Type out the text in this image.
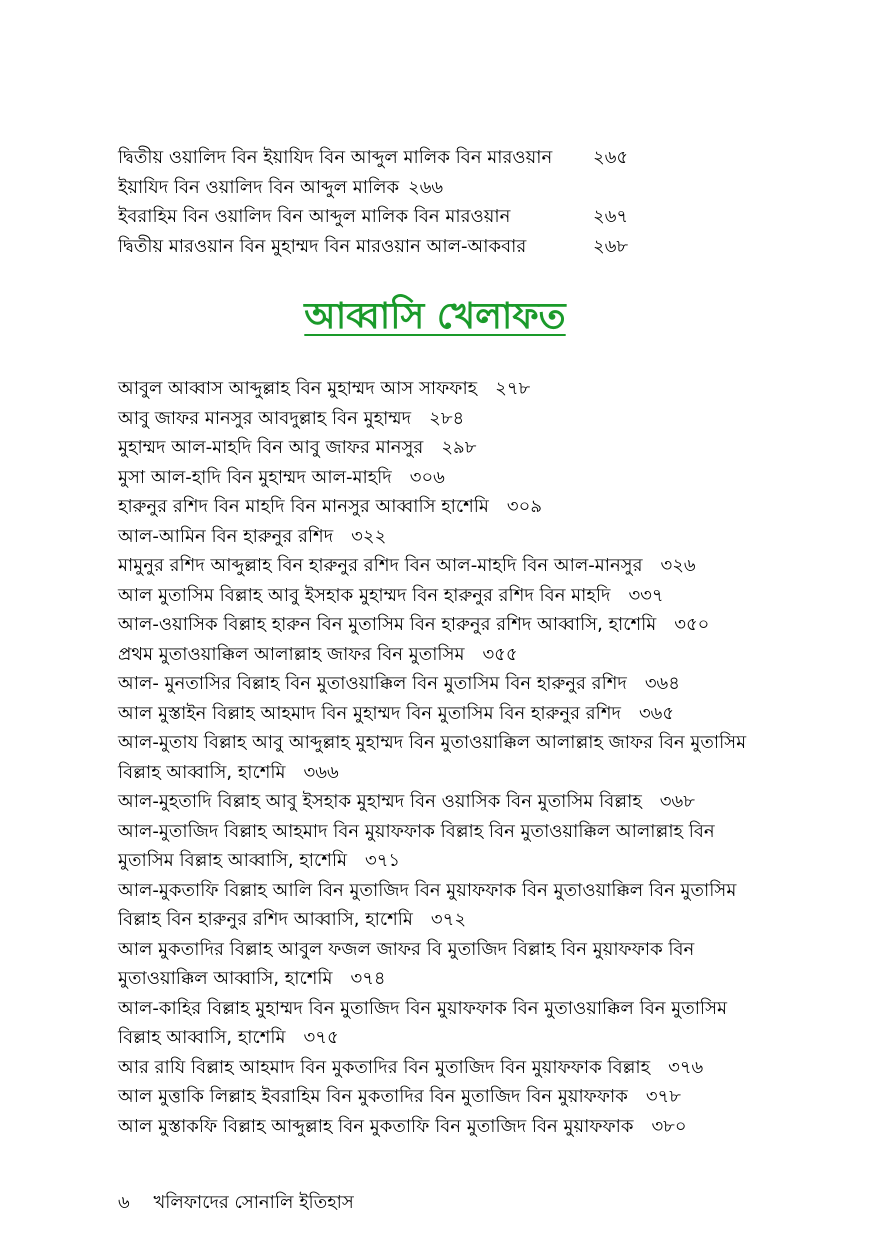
দ্বিতীয় ওয়ালিদ বিন ইয়াযিদ বিন আব্দুল মালিক বিন মারওয়ান ২৬৫
ইয়াযিদ বিন ওয়ালিদ বিন আব্দুল মালিক ২৬৬
ইবরাহিম বিন ওয়ালিদ বিন আব্দুল মালিক বিন মারওয়ান	২৬৭
দ্বিতীয় মারওয়ান বিন মুহাম্মদ বিন মারওয়ান আল-আকবার	২৬৮
আব্বাসি খেলাফত
আবুল আব্বাস আব্দুল্লাহ বিন মুহাম্মদ আস সাফফাহ ২৭৮
আবু জাফর মানসুর আবদুল্লাহ বিন মুহাম্মদ ২৮৪
মুহাম্মদ আল-মাহদি বিন আবু জাফর মানসুর ২৯৮
মুসা আল-হাদি বিন মুহাম্মদ আল-মাহদি ৩০৬
হারুনুর রশিদ বিন মাহদি বিন মানসুর আব্বাসি হাশেমি ৩০৯
আল-আমিন বিন হারুনুর রশিদ ৩২২
মামুনুর রশিদ আব্দুল্লাহ বিন হারুনুর রশিদ বিন আল-মাহদি বিন আল-মানসুর ৩২৬
আল মুতাসিম বিল্লাহ আবু ইসহাক মুহাম্মদ বিন হারুনুর রশিদ বিন মাহদি ৩৩৭
আল-ওয়াসিক বিল্লাহ হারুন বিন মুতাসিম বিন হারুনুর রশিদ আব্বাসি, হাশেমি ৩৫০
প্রথম মুতাওয়াক্কিল আলাল্লাহ জাফর বিন মুতাসিম ৩৫৫
আল- মুনতাসির বিল্লাহ বিন মুতাওয়াক্কিল বিন মুতাসিম বিন হারুনুর রশিদ ৩৬৪
আল মুস্তাইন বিল্লাহ আহমাদ বিন মুহাম্মদ বিন মুতাসিম বিন হারুনুর রশিদ ৩৬৫
আল-মুতায বিল্লাহ আবু আব্দুল্লাহ মুহাম্মদ বিন মুতাওয়াক্কিল আলাল্লাহ জাফর বিন মুতাসিম বিল্লাহ আব্বাসি, হাশেমি ৩৬৬
আল-মুহতাদি বিল্লাহ আবু ইসহাক মুহাম্মদ বিন ওয়াসিক বিন মুতাসিম বিল্লাহ ৩৬৮
আল-মুতাজিদ বিল্লাহ আহমাদ বিন মুয়াফফাক বিল্লাহ বিন মুতাওয়াক্কিল আলাল্লাহ বিন মুতাসিম বিল্লাহ আব্বাসি, হাশেমি ৩৭১
আল-মুকতাফি বিল্লাহ আলি বিন মুতাজিদ বিন মুয়াফফাক বিন মুতাওয়াক্কিল বিন মুতাসিম বিল্লাহ বিন হারুনুর রশিদ আব্বাসি, হাশেমি ৩৭২
আল মুকতাদির বিল্লাহ আবুল ফজল জাফর বি মুতাজিদ বিল্লাহ বিন মুয়াফফাক বিন মুতাওয়াক্কিল আব্বাসি, হাশেমি ৩৭৪
আল-কাহির বিল্লাহ মুহাম্মদ বিন মুতাজিদ বিন মুয়াফফাক বিন মুতাওয়াক্কিল বিন মুতাসিম বিল্লাহ আব্বাসি, হাশেমি ৩৭৫
আর রাযি বিল্লাহ আহমাদ বিন মুকতাদির বিন মুতাজিদ বিন মুয়াফফাক বিল্লাহ ৩৭৬
আল মুত্তাকি লিল্লাহ ইবরাহিম বিন মুকতাদির বিন মুতাজিদ বিন মুয়াফফাক ৩৭৮
আল মুস্তাকফি বিল্লাহ আব্দুল্লাহ বিন মুকতাফি বিন মুতাজিদ বিন মুয়াফফাক ৩৮০
৬ খলিফাদের সোনালি ইতিহাস
